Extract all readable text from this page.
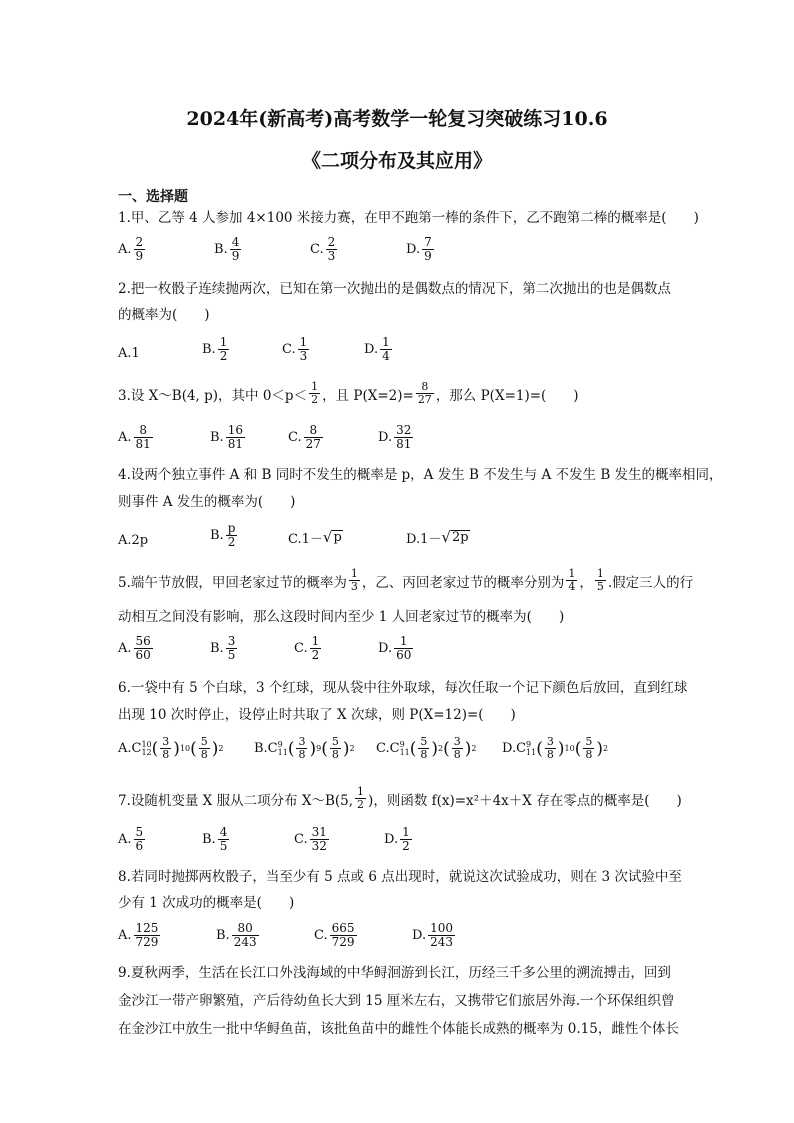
2024年(新高考)高考数学一轮复习突破练习10.6
《二项分布及其应用》
一、选择题
1.甲、乙等 4 人参加 4×100 米接力赛，在甲不跑第一棒的条件下，乙不跑第二棒的概率是(　　)
A. $\frac{2}{9}$	B. $\frac{4}{9}$	C. $\frac{2}{3}$	D. $\frac{7}{9}$
2.把一枚骰子连续抛两次，已知在第一次抛出的是偶数点的情况下，第二次抛出的也是偶数点
的概率为(　　)
A.1	B. $\frac{1}{2}$	C. $\frac{1}{3}$	D. $\frac{1}{4}$
3.设 X～B(4, p)，其中 $0<p< \frac{1}{2}$ ，且 $P(X=2)= \frac{8}{27}$ ，那么 P(X=1)=(　　)
A. $\frac{8}{81}$	B. $\frac{16}{81}$	C. $\frac{8}{27}$	D. $\frac{32}{81}$
4.设两个独立事件 A 和 B 同时不发生的概率是 p，A 发生 B 不发生与 A 不发生 B 发生的概率相同，
则事件 A 发生的概率为(　　)
A.2p	B. $\frac{p}{2}$	C.1－ √ p	D.1－ √ 2p
5.端午节放假，甲回老家过节的概率为 $\frac{1}{3}$ ，乙、丙回老家过节的概率分别为 $\frac{1}{4}$ ， $\frac{1}{5}$ .假定三人的行
动相互之间没有影响，那么这段时间内至少 1 人回老家过节的概率为(　　)
A. $\frac{56}{60}$	B. $\frac{3}{5}$	C. $\frac{1}{2}$	D. $\frac{1}{60}$
6.一袋中有 5 个白球，3 个红球，现从袋中往外取球，每次任取一个记下颜色后放回，直到红球
出现 10 次时停止，设停止时共取了 X 次球，则 P(X=12)=(　　)
A.C 10
12 ( $\frac{3}{8}$ ) 10 ( $\frac{5}{8}$ ) 2 B.C 9
11 ( $\frac{3}{8}$ ) 9 ( $\frac{5}{8}$ ) 2 C.C 9
11 ( $\frac{5}{8}$ ) 2 ( $\frac{3}{8}$ ) 2 D.C 9
11 ( $\frac{3}{8}$ ) 10 ( $\frac{5}{8}$ ) 2
7.设随机变量 X 服从二项分布 X～B(5, $\frac{1}{2}$ )，则函数 f(x)=x²＋4x＋X 存在零点的概率是(　　)
A. $\frac{5}{6}$	B. $\frac{4}{5}$	C. $\frac{31}{32}$	D. $\frac{1}{2}$
8.若同时抛掷两枚骰子，当至少有 5 点或 6 点出现时，就说这次试验成功，则在 3 次试验中至
少有 1 次成功的概率是(　　)
A. $\frac{125}{729}$	B. $\frac{80}{243}$	C. $\frac{665}{729}$	D. $\frac{100}{243}$
9.夏秋两季，生活在长江口外浅海域的中华鲟洄游到长江，历经三千多公里的溯流搏击，回到
金沙江一带产卵繁殖，产后待幼鱼长大到 15 厘米左右，又携带它们旅居外海.一个环保组织曾
在金沙江中放生一批中华鲟鱼苗，该批鱼苗中的雌性个体能长成熟的概率为 0.15，雌性个体长
